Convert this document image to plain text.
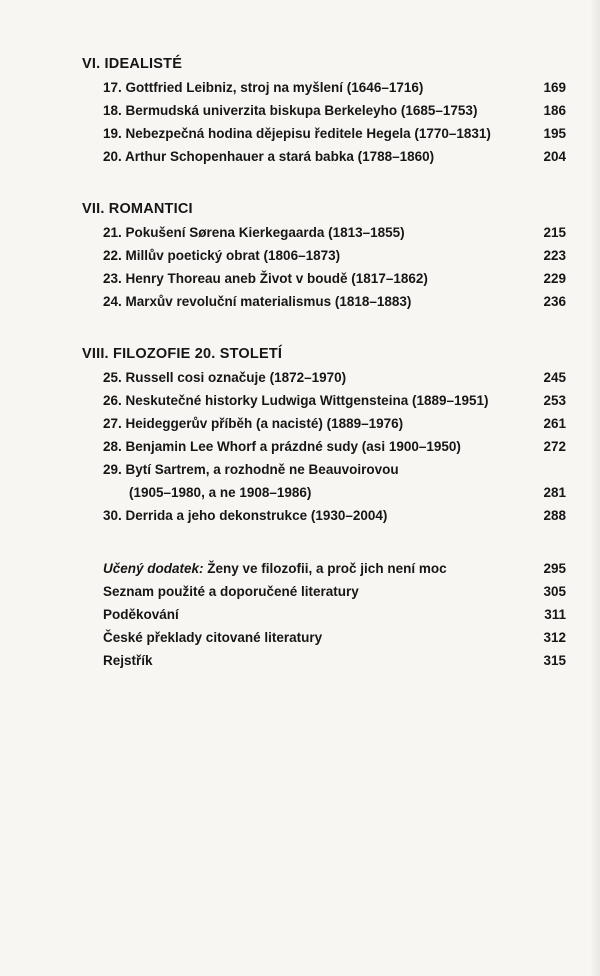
VI. IDEALISTÉ
17. Gottfried Leibniz, stroj na myšlení (1646–1716)	169
18. Bermudská univerzita biskupa Berkeleyho (1685–1753)	186
19. Nebezpečná hodina dějepisu ředitele Hegela (1770–1831)	195
20. Arthur Schopenhauer a stará babka (1788–1860)	204
VII. ROMANTICI
21. Pokušení Sørena Kierkegaarda (1813–1855)	215
22. Millův poetický obrat (1806–1873)	223
23. Henry Thoreau aneb Život v boudě (1817–1862)	229
24. Marxův revoluční materialismus (1818–1883)	236
VIII. FILOZOFIE 20. STOLETÍ
25. Russell cosi označuje (1872–1970)	245
26. Neskutečné historky Ludwiga Wittgensteina (1889–1951)	253
27. Heideggerův příběh (a nacisté) (1889–1976)	261
28. Benjamin Lee Whorf a prázdné sudy (asi 1900–1950)	272
29. Bytí Sartrem, a rozhodně ne Beauvoirovou
(1905–1980, a ne 1908–1986)	281
30. Derrida a jeho dekonstrukce (1930–2004)	288
Učený dodatek: Ženy ve filozofii, a proč jich není moc	295
Seznam použité a doporučené literatury	305
Poděkování	311
České překlady citované literatury	312
Rejstřík	315
